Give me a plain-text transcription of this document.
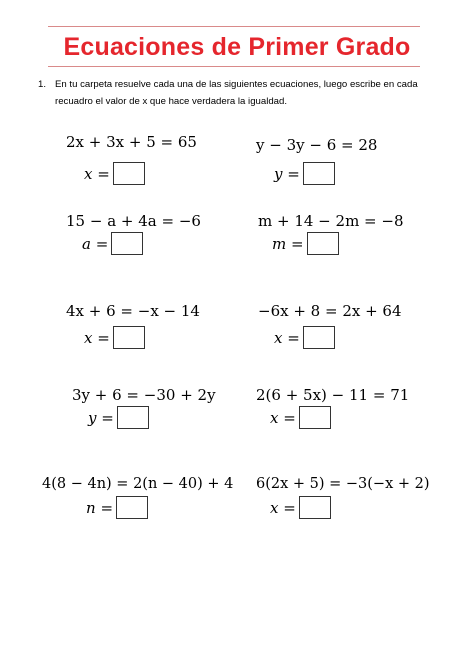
Ecuaciones de Primer Grado
1. En tu carpeta resuelve cada una de las siguientes ecuaciones, luego escribe en cada recuadro el valor de x que hace verdadera la igualdad.
2x + 3x + 5 = 65
x =
y − 3y − 6 = 28
y =
15 − a + 4a = −6
a =
m + 14 − 2m = −8
m =
4x + 6 = −x − 14
x =
−6x + 8 = 2x + 64
x =
3y + 6 = −30 + 2y
y =
2(6 + 5x) − 11 = 71
x =
4(8 − 4n) = 2(n − 40) + 4
n =
6(2x + 5) = −3(−x + 2)
x =
